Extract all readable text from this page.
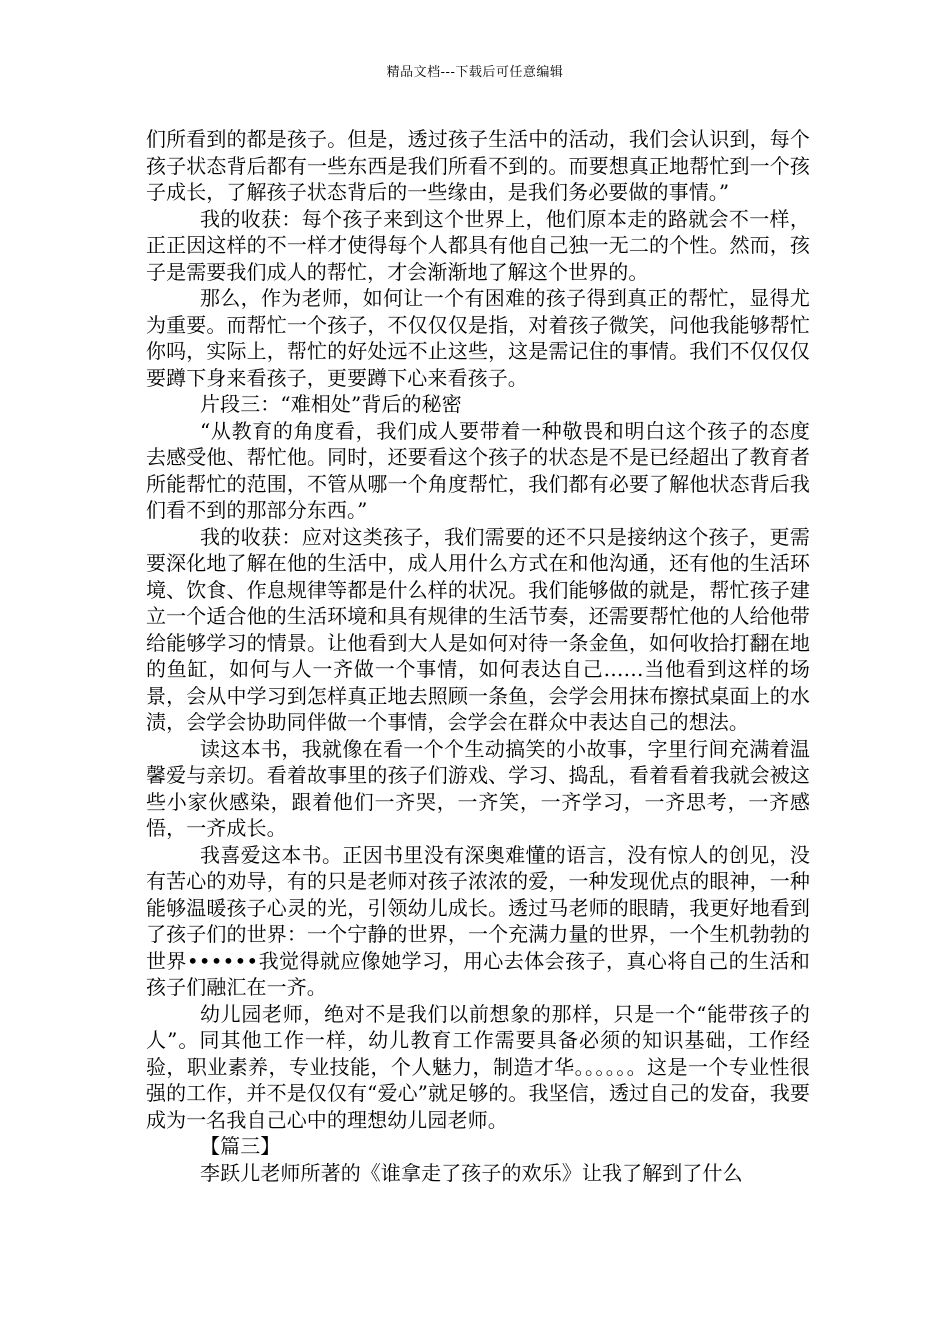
精品文档---下载后可任意编辑

们所看到的都是孩子。但是，透过孩子生活中的活动，我们会认识到，每个孩子状态背后都有一些东西是我们所看不到的。而要想真正地帮忙到一个孩子成长，了解孩子状态背后的一些缘由，是我们务必要做的事情。”

我的收获：每个孩子来到这个世界上，他们原本走的路就会不一样，正正因这样的不一样才使得每个人都具有他自己独一无二的个性。然而，孩子是需要我们成人的帮忙，才会渐渐地了解这个世界的。

那么，作为老师，如何让一个有困难的孩子得到真正的帮忙，显得尤为重要。而帮忙一个孩子，不仅仅仅是指，对着孩子微笑，问他我能够帮忙你吗，实际上，帮忙的好处远不止这些，这是需记住的事情。我们不仅仅仅要蹲下身来看孩子，更要蹲下心来看孩子。

片段三：“难相处”背后的秘密

“从教育的角度看，我们成人要带着一种敬畏和明白这个孩子的态度去感受他、帮忙他。同时，还要看这个孩子的状态是不是已经超出了教育者所能帮忙的范围，不管从哪一个角度帮忙，我们都有必要了解他状态背后我们看不到的那部分东西。”

我的收获：应对这类孩子，我们需要的还不只是接纳这个孩子，更需要深化地了解在他的生活中，成人用什么方式在和他沟通，还有他的生活环境、饮食、作息规律等都是什么样的状况。我们能够做的就是，帮忙孩子建立一个适合他的生活环境和具有规律的生活节奏，还需要帮忙他的人给他带给能够学习的情景。让他看到大人是如何对待一条金鱼，如何收拾打翻在地的鱼缸，如何与人一齐做一个事情，如何表达自己……当他看到这样的场景，会从中学习到怎样真正地去照顾一条鱼，会学会用抹布擦拭桌面上的水渍，会学会协助同伴做一个事情，会学会在群众中表达自己的想法。

读这本书，我就像在看一个个生动搞笑的小故事，字里行间充满着温馨爱与亲切。看着故事里的孩子们游戏、学习、捣乱，看着看着我就会被这些小家伙感染，跟着他们一齐哭，一齐笑，一齐学习，一齐思考，一齐感悟，一齐成长。

我喜爱这本书。正因书里没有深奥难懂的语言，没有惊人的创见，没有苦心的劝导，有的只是老师对孩子浓浓的爱，一种发现优点的眼神，一种能够温暖孩子心灵的光，引领幼儿成长。透过马老师的眼睛，我更好地看到了孩子们的世界：一个宁静的世界，一个充满力量的世界，一个生机勃勃的世界••••••我觉得就应像她学习，用心去体会孩子，真心将自己的生活和孩子们融汇在一齐。

幼儿园老师，绝对不是我们以前想象的那样，只是一个“能带孩子的人”。同其他工作一样，幼儿教育工作需要具备必须的知识基础，工作经验，职业素养，专业技能，个人魅力，制造才华。。。。。。这是一个专业性很强的工作，并不是仅仅有“爱心”就足够的。我坚信，透过自己的发奋，我要成为一名我自己心中的理想幼儿园老师。

【篇三】

李跃儿老师所著的《谁拿走了孩子的欢乐》让我了解到了什么
